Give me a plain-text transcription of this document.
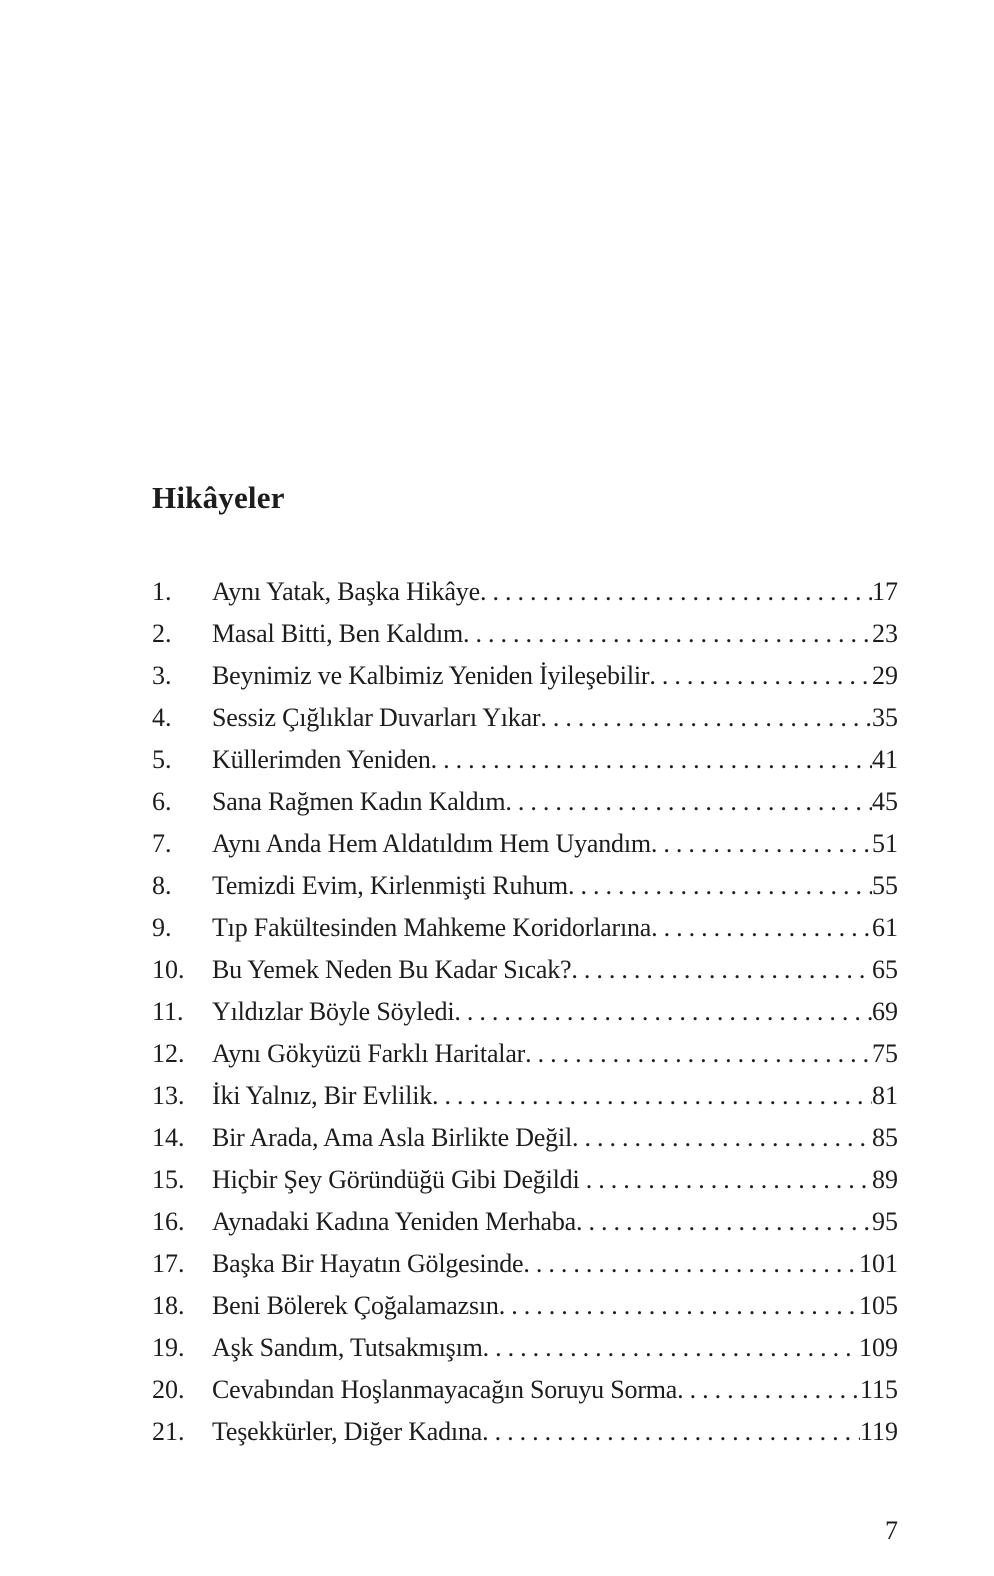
Hikâyeler
1.	Aynı Yatak, Başka Hikâye .....	17
2.	Masal Bitti, Ben Kaldım .....	23
3.	Beynimiz ve Kalbimiz Yeniden İyileşebilir .....	29
4.	Sessiz Çığlıklar Duvarları Yıkar .....	35
5.	Küllerimden Yeniden .....	41
6.	Sana Rağmen Kadın Kaldım .....	45
7.	Aynı Anda Hem Aldatıldım Hem Uyandım .....	51
8.	Temizdi Evim, Kirlenmişti Ruhum .....	55
9.	Tıp Fakültesinden Mahkeme Koridorlarına .....	61
10.	Bu Yemek Neden Bu Kadar Sıcak? .....	65
11.	Yıldızlar Böyle Söyledi .....	69
12.	Aynı Gökyüzü Farklı Haritalar .....	75
13.	İki Yalnız, Bir Evlilik .....	81
14.	Bir Arada, Ama Asla Birlikte Değil .....	85
15.	Hiçbir Şey Göründüğü Gibi Değildi .....	89
16.	Aynadaki Kadına Yeniden Merhaba .....	95
17.	Başka Bir Hayatın Gölgesinde .....	101
18.	Beni Bölerek Çoğalamazsın .....	105
19.	Aşk Sandım, Tutsakmışım .....	109
20.	Cevabından Hoşlanmayacağın Soruyu Sorma .....	115
21.	Teşekkürler, Diğer Kadına .....	119
7
